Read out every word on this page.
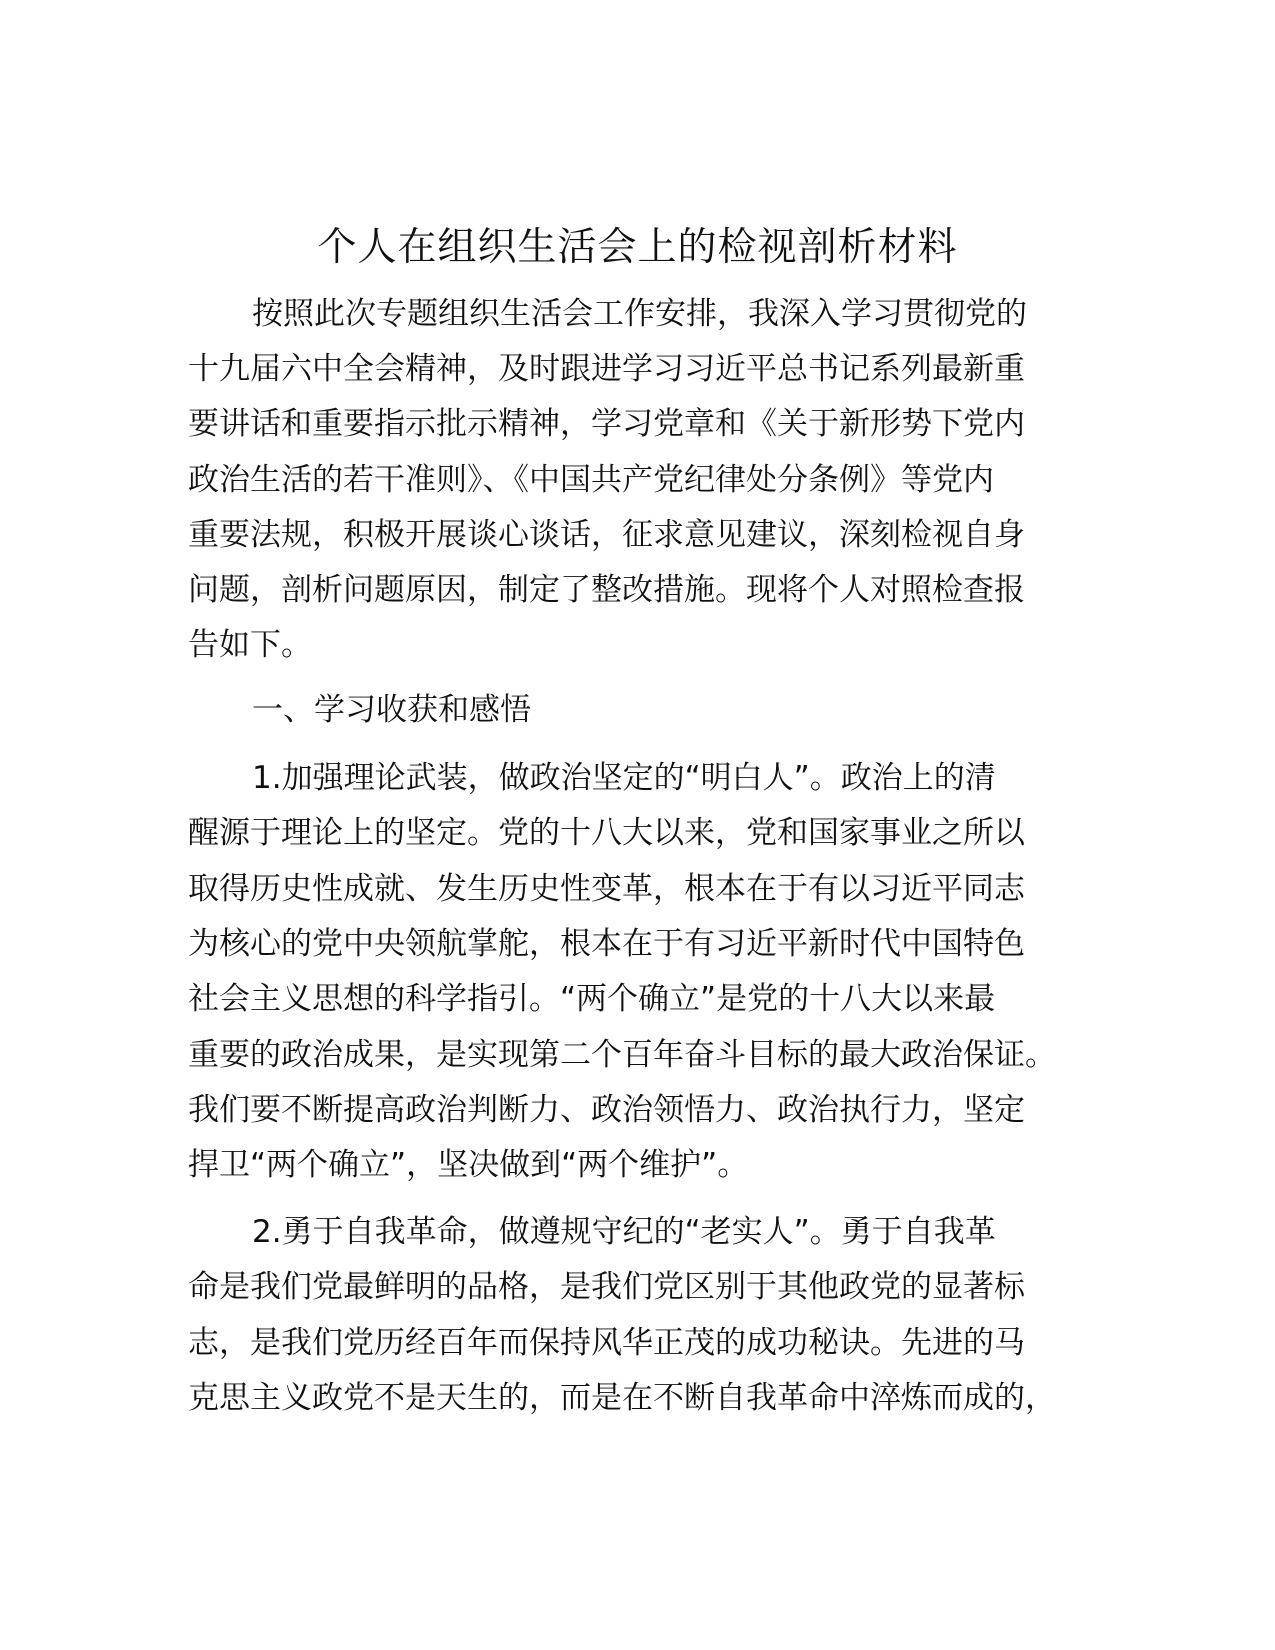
个人在组织生活会上的检视剖析材料

按照此次专题组织生活会工作安排，我深入学习贯彻党的

十九届六中全会精神，及时跟进学习习近平总书记系列最新重

要讲话和重要指示批示精神，学习党章和《关于新形势下党内

政治生活的若干准则》、《中国共产党纪律处分条例》等党内

重要法规，积极开展谈心谈话，征求意见建议，深刻检视自身

问题，剖析问题原因，制定了整改措施。现将个人对照检查报

告如下。

一、学习收获和感悟

1.加强理论武装，做政治坚定的“明白人”。政治上的清

醒源于理论上的坚定。党的十八大以来，党和国家事业之所以

取得历史性成就、发生历史性变革，根本在于有以习近平同志

为核心的党中央领航掌舵，根本在于有习近平新时代中国特色

社会主义思想的科学指引。“两个确立”是党的十八大以来最

重要的政治成果，是实现第二个百年奋斗目标的最大政治保证。

我们要不断提高政治判断力、政治领悟力、政治执行力，坚定

捍卫“两个确立”，坚决做到“两个维护”。

2.勇于自我革命，做遵规守纪的“老实人”。勇于自我革

命是我们党最鲜明的品格，是我们党区别于其他政党的显著标

志，是我们党历经百年而保持风华正茂的成功秘诀。先进的马

克思主义政党不是天生的，而是在不断自我革命中淬炼而成的，
